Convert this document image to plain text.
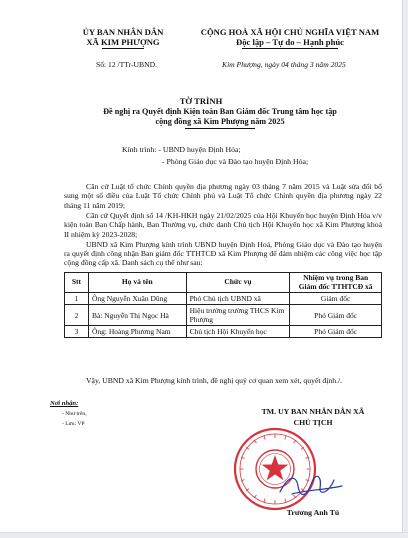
ỦY BAN NHÂN DÂN
XÃ KIM PHƯỢNG
CỘNG HOÀ XÃ HỘI CHỦ NGHĨA VIỆT NAM
Độc lập – Tự do – Hạnh phúc
Số: 12 /TTr-UBND.	Kim Phượng, ngày 04 tháng 3 năm 2025
TỜ TRÌNH
Đề nghị ra Quyết định Kiện toàn Ban Giám đốc Trung tâm học tập
cộng đồng xã Kim Phượng năm 2025
Kính trình: - UBND huyện Định Hóa;
- Phòng Giáo dục và Đào tạo huyện Định Hóa;

Căn cứ Luật tổ chức Chính quyền địa phương ngày 03 tháng 7 năm 2015 và Luật sửa đổi bổ sung một số điều của Luật Tổ chức Chính phủ và Luật Tổ chức Chính quyền địa phương ngày 22 tháng 11 năm 2019;

Căn cứ Quyết định số 14 /KH-HKH ngày 21/02/2025 của Hội Khuyến học huyện Định Hóa v/v kiện toàn Ban Chấp hành, Ban Thường vụ, chức danh Chủ tịch Hội Khuyến học xã Kim Phượng khoá II nhiệm kỳ 2023-2028;

UBND xã Kim Phượng kính trình UBND huyện Định Hoá, Phòng Giáo dục và Đào tạo huyện ra quyết định công nhận Ban giám đốc TTHTCĐ xã Kim Phượng để đảm nhiệm các công việc học tập cộng đồng cấp xã. Danh sách cụ thể như sau:

Stt	Họ và tên	Chức vụ	Nhiệm vụ trong Ban Giám đốc TTHTCĐ xã
1	Ông Nguyễn Xuân Dũng	Phó Chủ tịch UBND xã	Giám đốc
2	Bà: Nguyễn Thị Ngọc Hà	Hiệu trưởng trường THCS Kim Phượng	Phó Giám đốc
3	Ông: Hoàng Phương Nam	Chủ tịch Hội Khuyến học	Phó Giám đốc
Vậy, UBND xã Kim Phượng kính trình, đề nghị quý cơ quan xem xét, quyết định./.
Nơi nhận:
- Như trên,
- Lưu: VP
TM. UY BAN NHÂN DÂN XÃ
CHỦ TỊCH
Trương Anh Tú
